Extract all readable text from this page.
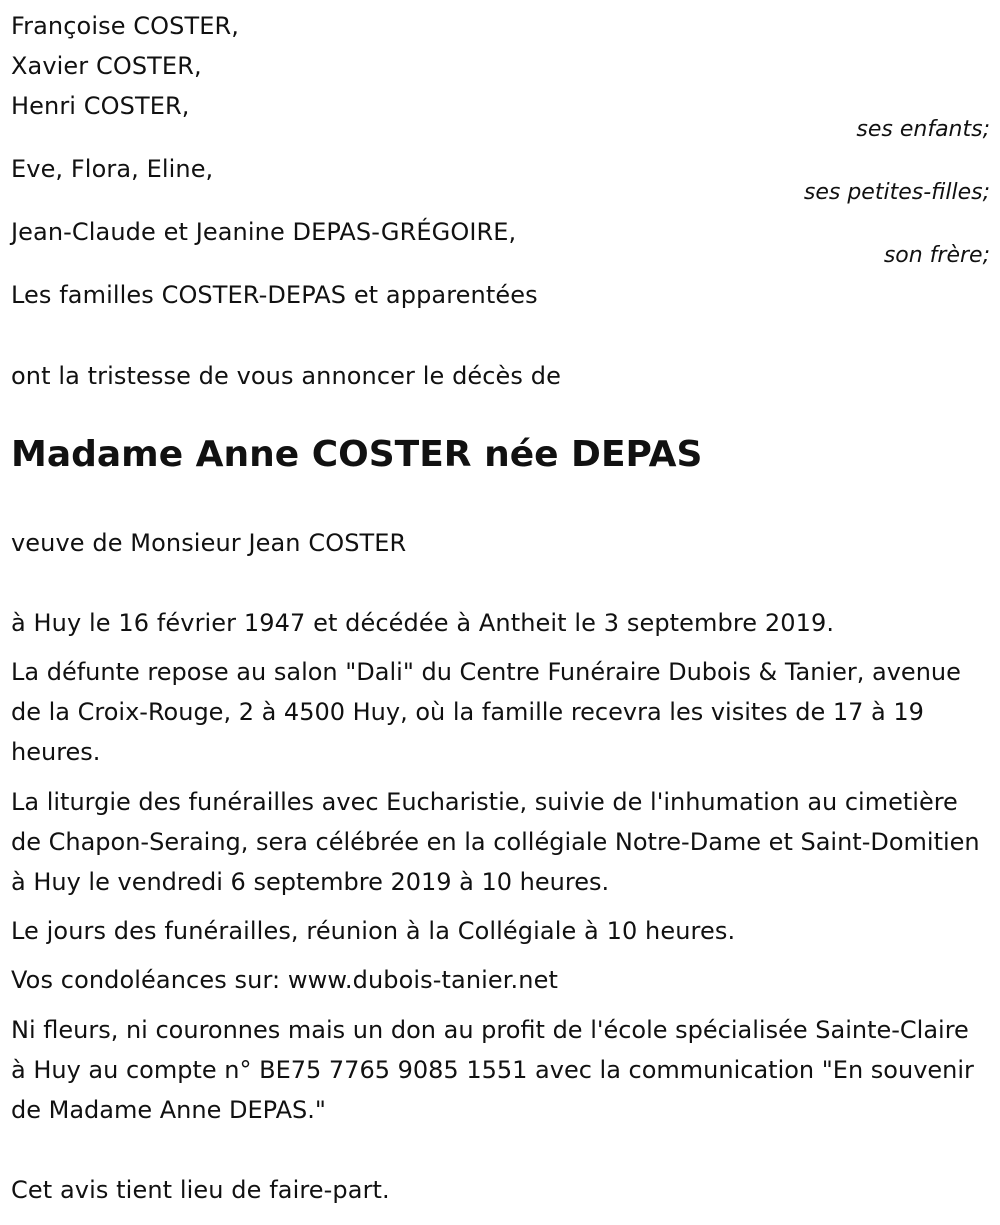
Françoise COSTER,
Xavier COSTER,
Henri COSTER,
ses enfants;
Eve, Flora, Eline,
ses petites-filles;
Jean-Claude et Jeanine DEPAS-GRÉGOIRE,
son frère;
Les familles COSTER-DEPAS et apparentées
ont la tristesse de vous annoncer le décès de
Madame Anne COSTER née DEPAS
veuve de Monsieur Jean COSTER
à Huy le 16 février 1947 et décédée à Antheit le 3 septembre 2019.
La défunte repose au salon "Dali" du Centre Funéraire Dubois & Tanier, avenue de la Croix-Rouge, 2 à 4500 Huy, où la famille recevra les visites de 17 à 19 heures.
La liturgie des funérailles avec Eucharistie, suivie de l'inhumation au cimetière de Chapon-Seraing, sera célébrée en la collégiale Notre-Dame et Saint-Domitien à Huy le vendredi 6 septembre 2019 à 10 heures.
Le jours des funérailles, réunion à la Collégiale à 10 heures.
Vos condoléances sur: www.dubois-tanier.net
Ni fleurs, ni couronnes mais un don au profit de l'école spécialisée Sainte-Claire à Huy au compte n° BE75 7765 9085 1551 avec la communication "En souvenir de Madame Anne DEPAS."
Cet avis tient lieu de faire-part.
